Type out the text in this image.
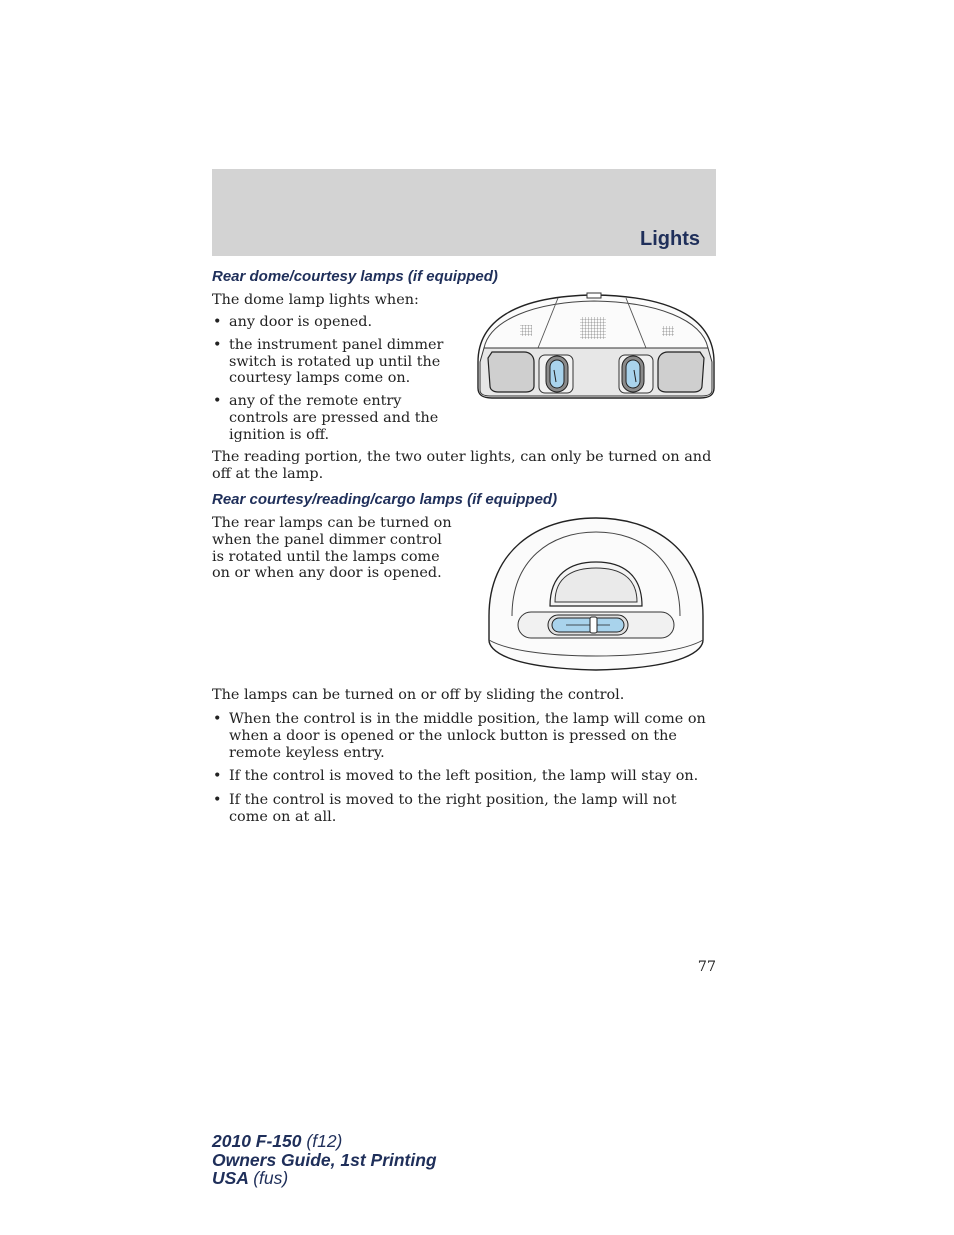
Lights
Rear dome/courtesy lamps (if equipped)

The dome lamp lights when:

• any door is opened.
• the instrument panel dimmer switch is rotated up until the courtesy lamps come on.
• any of the remote entry controls are pressed and the ignition is off.

The reading portion, the two outer lights, can only be turned on and off at the lamp.

Rear courtesy/reading/cargo lamps (if equipped)

The rear lamps can be turned on when the panel dimmer control is rotated until the lamps come on or when any door is opened.

The lamps can be turned on or off by sliding the control.

• When the control is in the middle position, the lamp will come on when a door is opened or the unlock button is pressed on the remote keyless entry.
• If the control is moved to the left position, the lamp will stay on.
• If the control is moved to the right position, the lamp will not come on at all.
77
2010 F-150 (f12)
Owners Guide, 1st Printing
USA (fus)
